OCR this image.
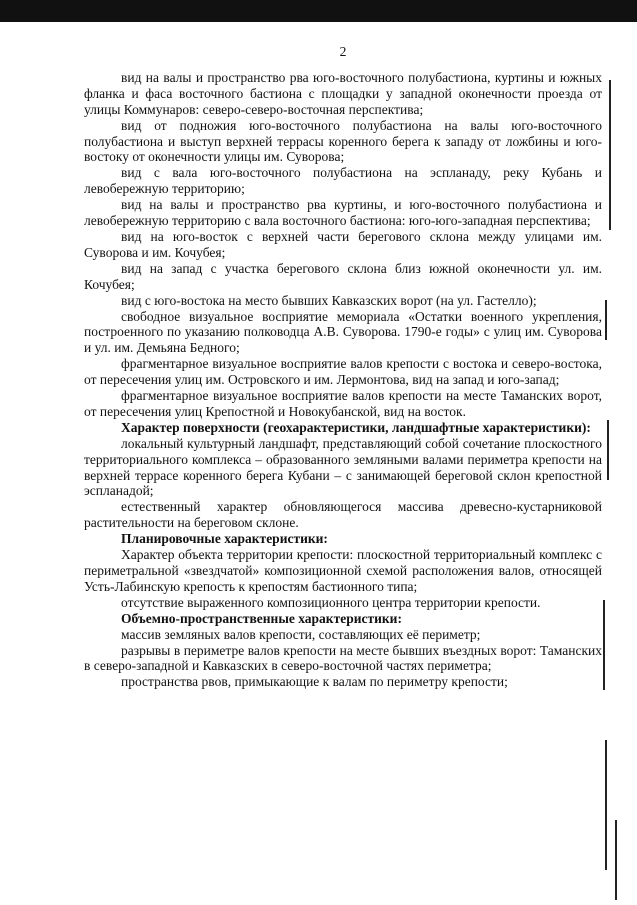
2

вид на валы и пространство рва юго-восточного полубастиона, куртины и южных фланка и фаса восточного бастиона с площадки у западной оконечности проезда от улицы Коммунаров: северо-северо-восточная перспектива;

вид от подножия юго-восточного полубастиона на валы юго-восточного полубастиона и выступ верхней террасы коренного берега к западу от ложбины и юго-востоку от оконечности улицы им. Суворова;

вид с вала юго-восточного полубастиона на эспланаду, реку Кубань и левобережную территорию;

вид на валы и пространство рва куртины, и юго-восточного полубастиона и левобережную территорию с вала восточного бастиона: юго-юго-западная перспектива;

вид на юго-восток с верхней части берегового склона между улицами им. Суворова и им. Кочубея;

вид на запад с участка берегового склона близ южной оконечности ул. им. Кочубея;

вид с юго-востока на место бывших Кавказских ворот (на ул. Гастелло);

свободное визуальное восприятие мемориала «Остатки военного укрепления, построенного по указанию полководца А.В. Суворова. 1790-е годы» с улиц им. Суворова и ул. им. Демьяна Бедного;

фрагментарное визуальное восприятие валов крепости с востока и северо-востока, от пересечения улиц им. Островского и им. Лермонтова, вид на запад и юго-запад;

фрагментарное визуальное восприятие валов крепости на месте Таманских ворот, от пересечения улиц Крепостной и Новокубанской, вид на восток.

Характер поверхности (геохарактеристики, ландшафтные характеристики):

локальный культурный ландшафт, представляющий собой сочетание плоскостного территориального комплекса – образованного земляными валами периметра крепости на верхней террасе коренного берега Кубани – с занимающей береговой склон крепостной эспланадой;

естественный характер обновляющегося массива древесно-кустарниковой растительности на береговом склоне.

Планировочные характеристики:

Характер объекта территории крепости: плоскостной территориальный комплекс с периметральной «звездчатой» композиционной схемой расположения валов, относящей Усть-Лабинскую крепость к крепостям бастионного типа;

отсутствие выраженного композиционного центра территории крепости.

Объемно-пространственные характеристики:

массив земляных валов крепости, составляющих её периметр;

разрывы в периметре валов крепости на месте бывших въездных ворот: Таманских в северо-западной и Кавказских в северо-восточной частях периметра;

пространства рвов, примыкающие к валам по периметру крепости;
